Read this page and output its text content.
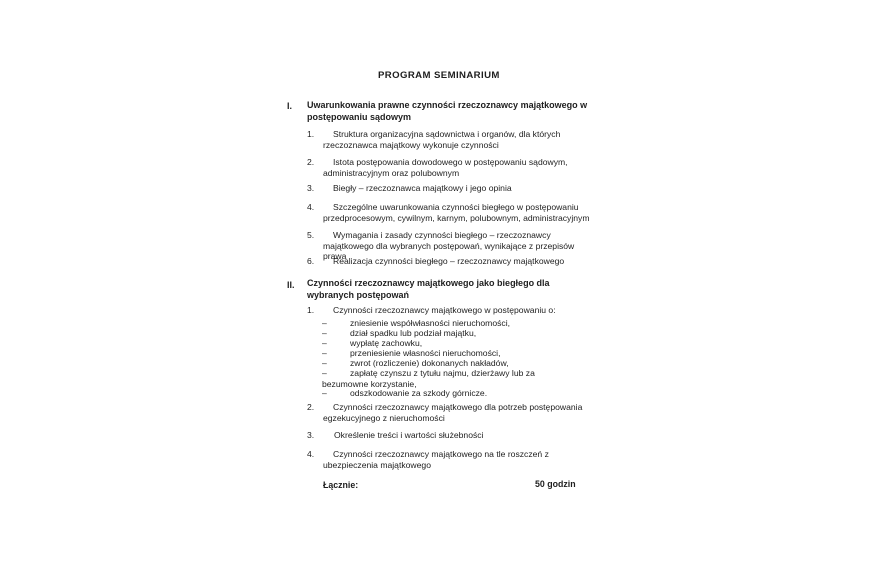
PROGRAM SEMINARIUM
I. Uwarunkowania prawne czynności rzeczoznawcy majątkowego w postępowaniu sądowym
1.	Struktura organizacyjna sądownictwa i organów, dla których rzeczoznawca majątkowy wykonuje czynności
2.	Istota postępowania dowodowego w postępowaniu sądowym, administracyjnym oraz polubownym
3. Biegły – rzeczoznawca majątkowy i jego opinia
4.	Szczególne uwarunkowania czynności biegłego w postępowaniu przedprocesowym, cywilnym, karnym, polubownym, administracyjnym
5.	Wymagania i zasady czynności biegłego – rzeczoznawcy majątkowego dla wybranych postępowań, wynikające z przepisów prawa
6. Realizacja czynności biegłego – rzeczoznawcy majątkowego
II. Czynności rzeczoznawcy majątkowego jako biegłego dla wybranych postępowań
1. Czynności rzeczoznawcy majątkowego w postępowaniu o:
–	zniesienie współwłasności nieruchomości,
–	dział spadku lub podział majątku,
–	wypłatę zachowku,
–	przeniesienie własności nieruchomości,
–	zwrot (rozliczenie) dokonanych nakładów,
–	zapłatę czynszu z tytułu najmu, dzierżawy lub za bezumowne korzystanie,
–	odszkodowanie za szkody górnicze.
2.	Czynności rzeczoznawcy majątkowego dla potrzeb postępowania egzekucyjnego z nieruchomości
3. Określenie treści i wartości służebności
4.	Czynności rzeczoznawcy majątkowego na tle roszczeń z ubezpieczenia majątkowego
Łącznie:	50 godzin
